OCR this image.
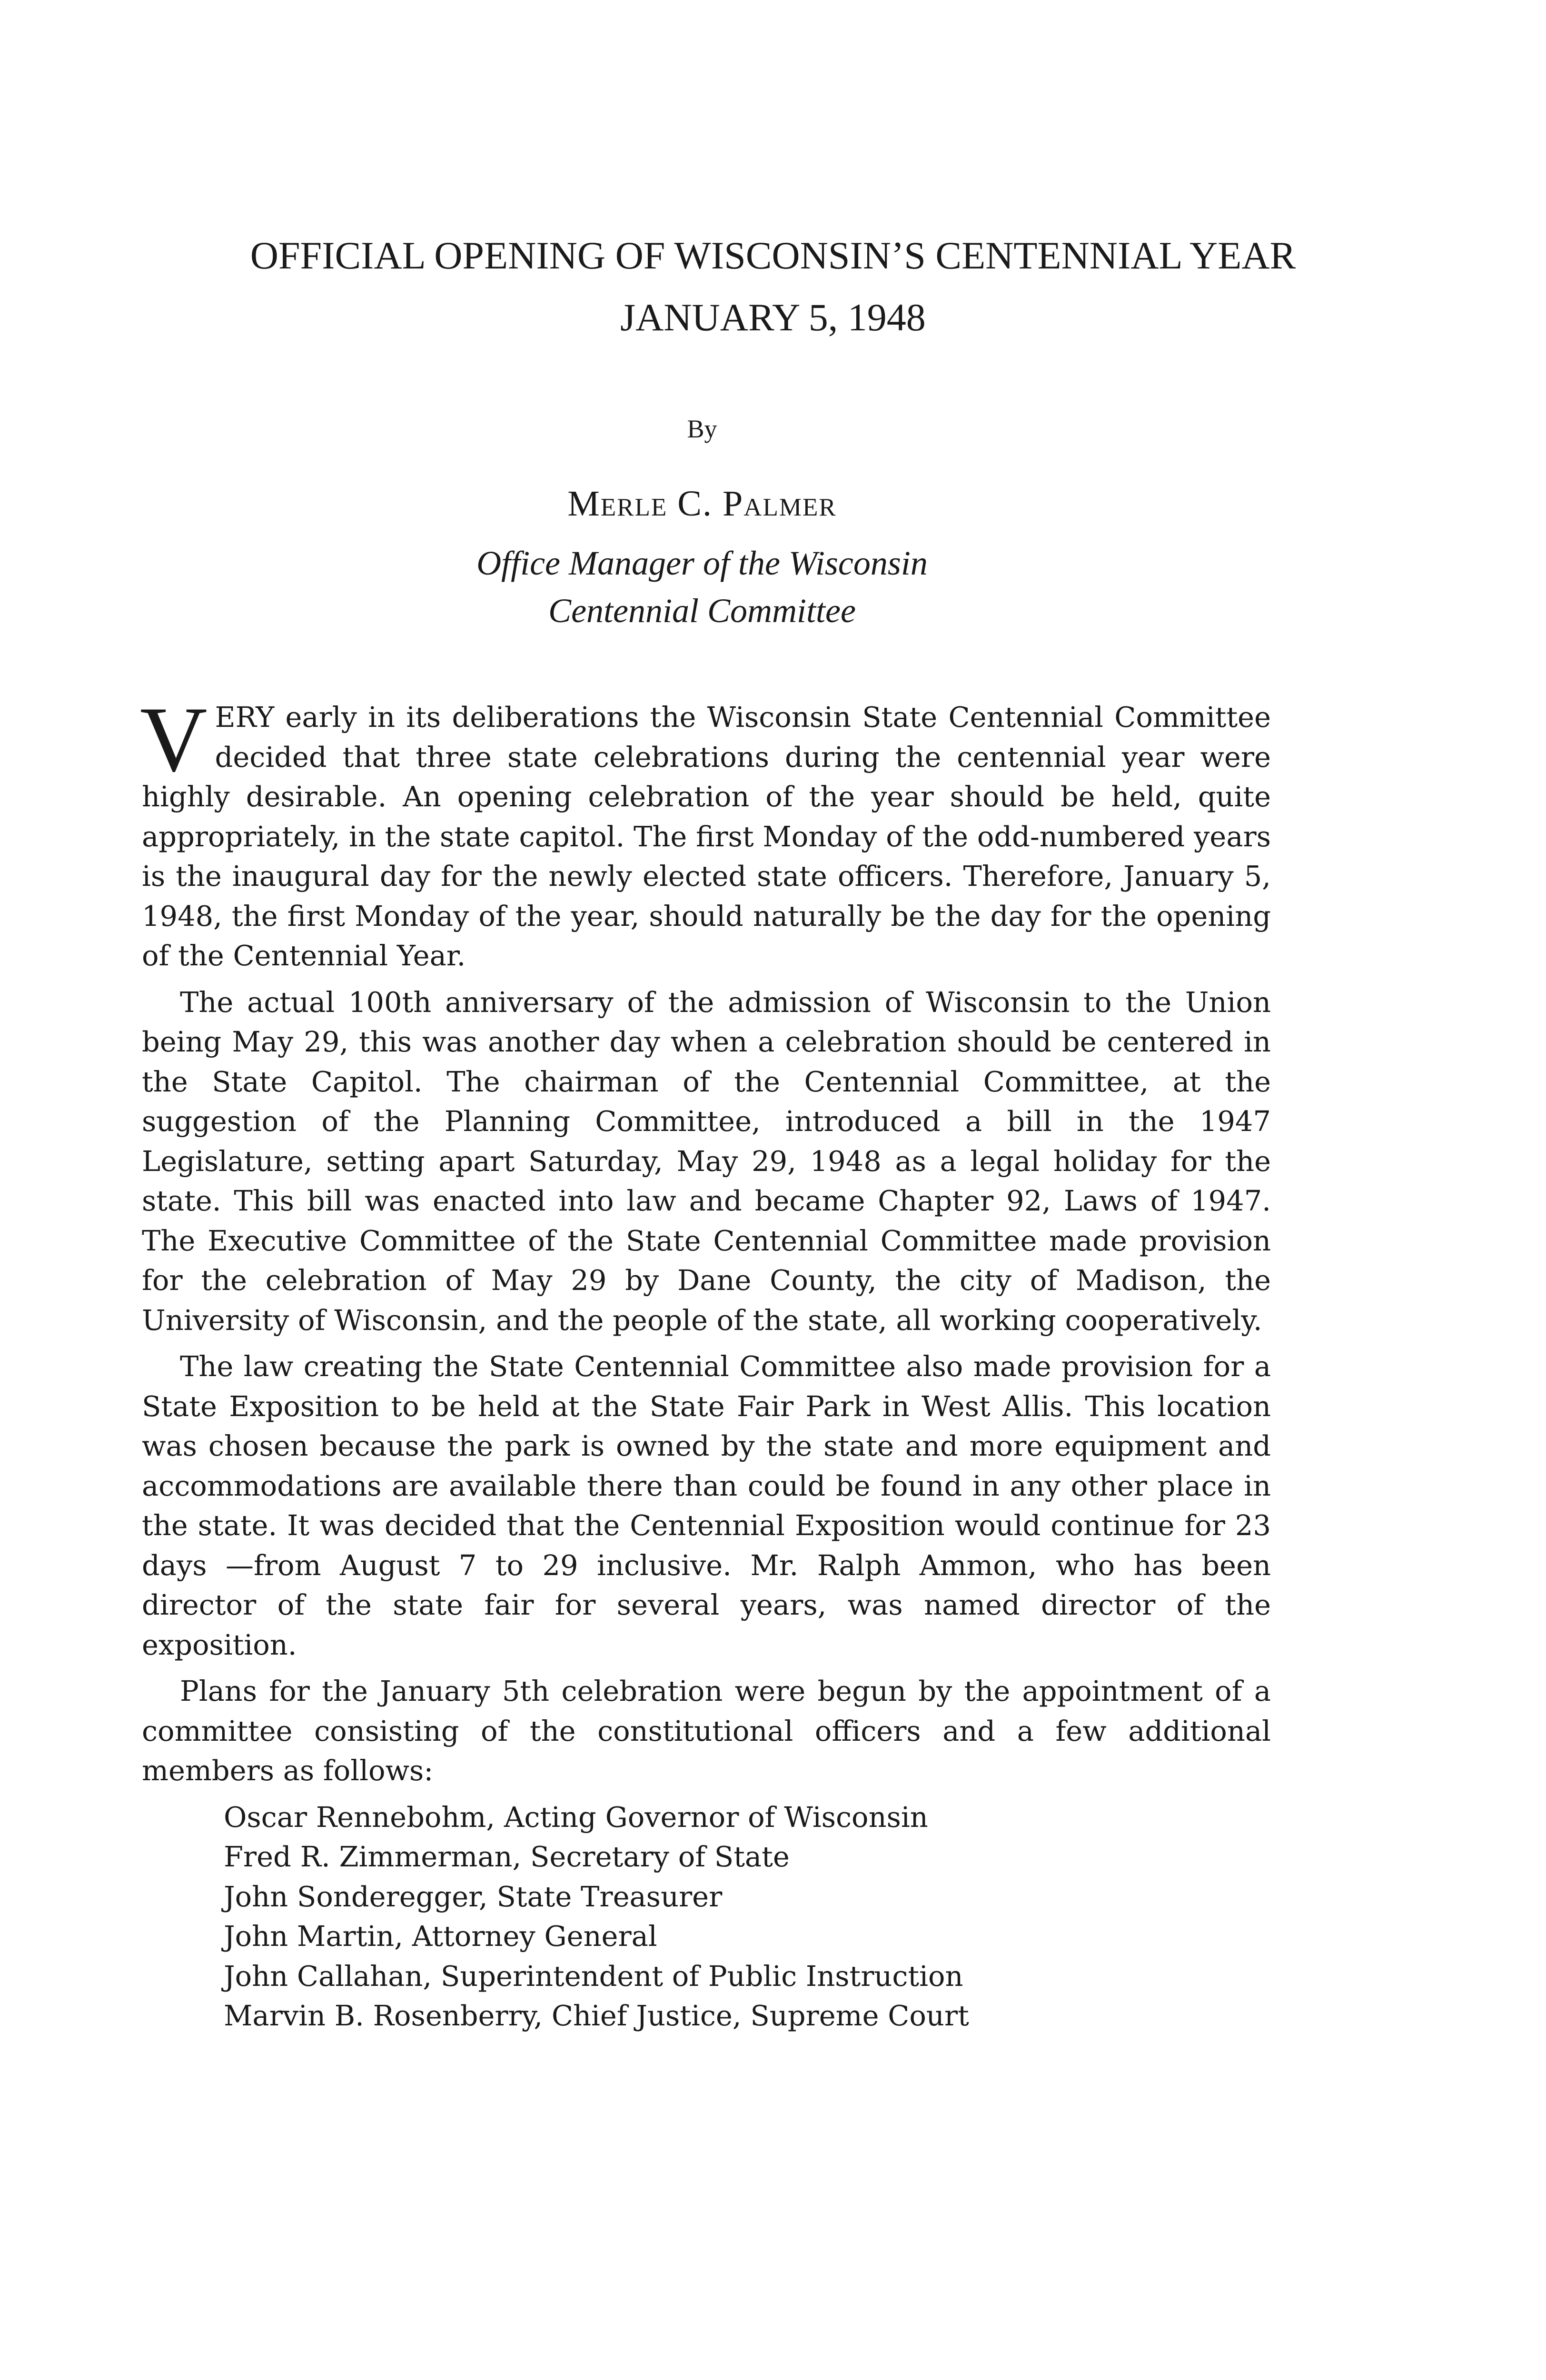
OFFICIAL OPENING OF WISCONSIN’S CENTENNIAL YEAR
JANUARY 5, 1948
By
Merle C. Palmer
Office Manager of the Wisconsin
Centennial Committee

VERY early in its deliberations the Wisconsin State Centennial Committee decided that three state celebrations during the centennial year were highly desirable. An opening celebration of the year should be held, quite appropriately, in the state capitol. The first Monday of the odd-numbered years is the inaugural day for the newly elected state officers. Therefore, January 5, 1948, the first Monday of the year, should naturally be the day for the opening of the Centennial Year.

The actual 100th anniversary of the admission of Wisconsin to the Union being May 29, this was another day when a celebration should be centered in the State Capitol. The chairman of the Centennial Committee, at the suggestion of the Planning Committee, introduced a bill in the 1947 Legislature, setting apart Saturday, May 29, 1948 as a legal holiday for the state. This bill was enacted into law and became Chapter 92, Laws of 1947. The Executive Committee of the State Centennial Committee made provision for the celebration of May 29 by Dane County, the city of Madison, the University of Wisconsin, and the people of the state, all working cooperatively.

The law creating the State Centennial Committee also made provision for a State Exposition to be held at the State Fair Park in West Allis. This location was chosen because the park is owned by the state and more equipment and accommodations are available there than could be found in any other place in the state. It was decided that the Centennial Exposition would continue for 23 days —from August 7 to 29 inclusive. Mr. Ralph Ammon, who has been director of the state fair for several years, was named director of the exposition.

Plans for the January 5th celebration were begun by the appointment of a committee consisting of the constitutional officers and a few additional members as follows:

Oscar Rennebohm, Acting Governor of Wisconsin
Fred R. Zimmerman, Secretary of State
John Sonderegger, State Treasurer
John Martin, Attorney General
John Callahan, Superintendent of Public Instruction
Marvin B. Rosenberry, Chief Justice, Supreme Court
